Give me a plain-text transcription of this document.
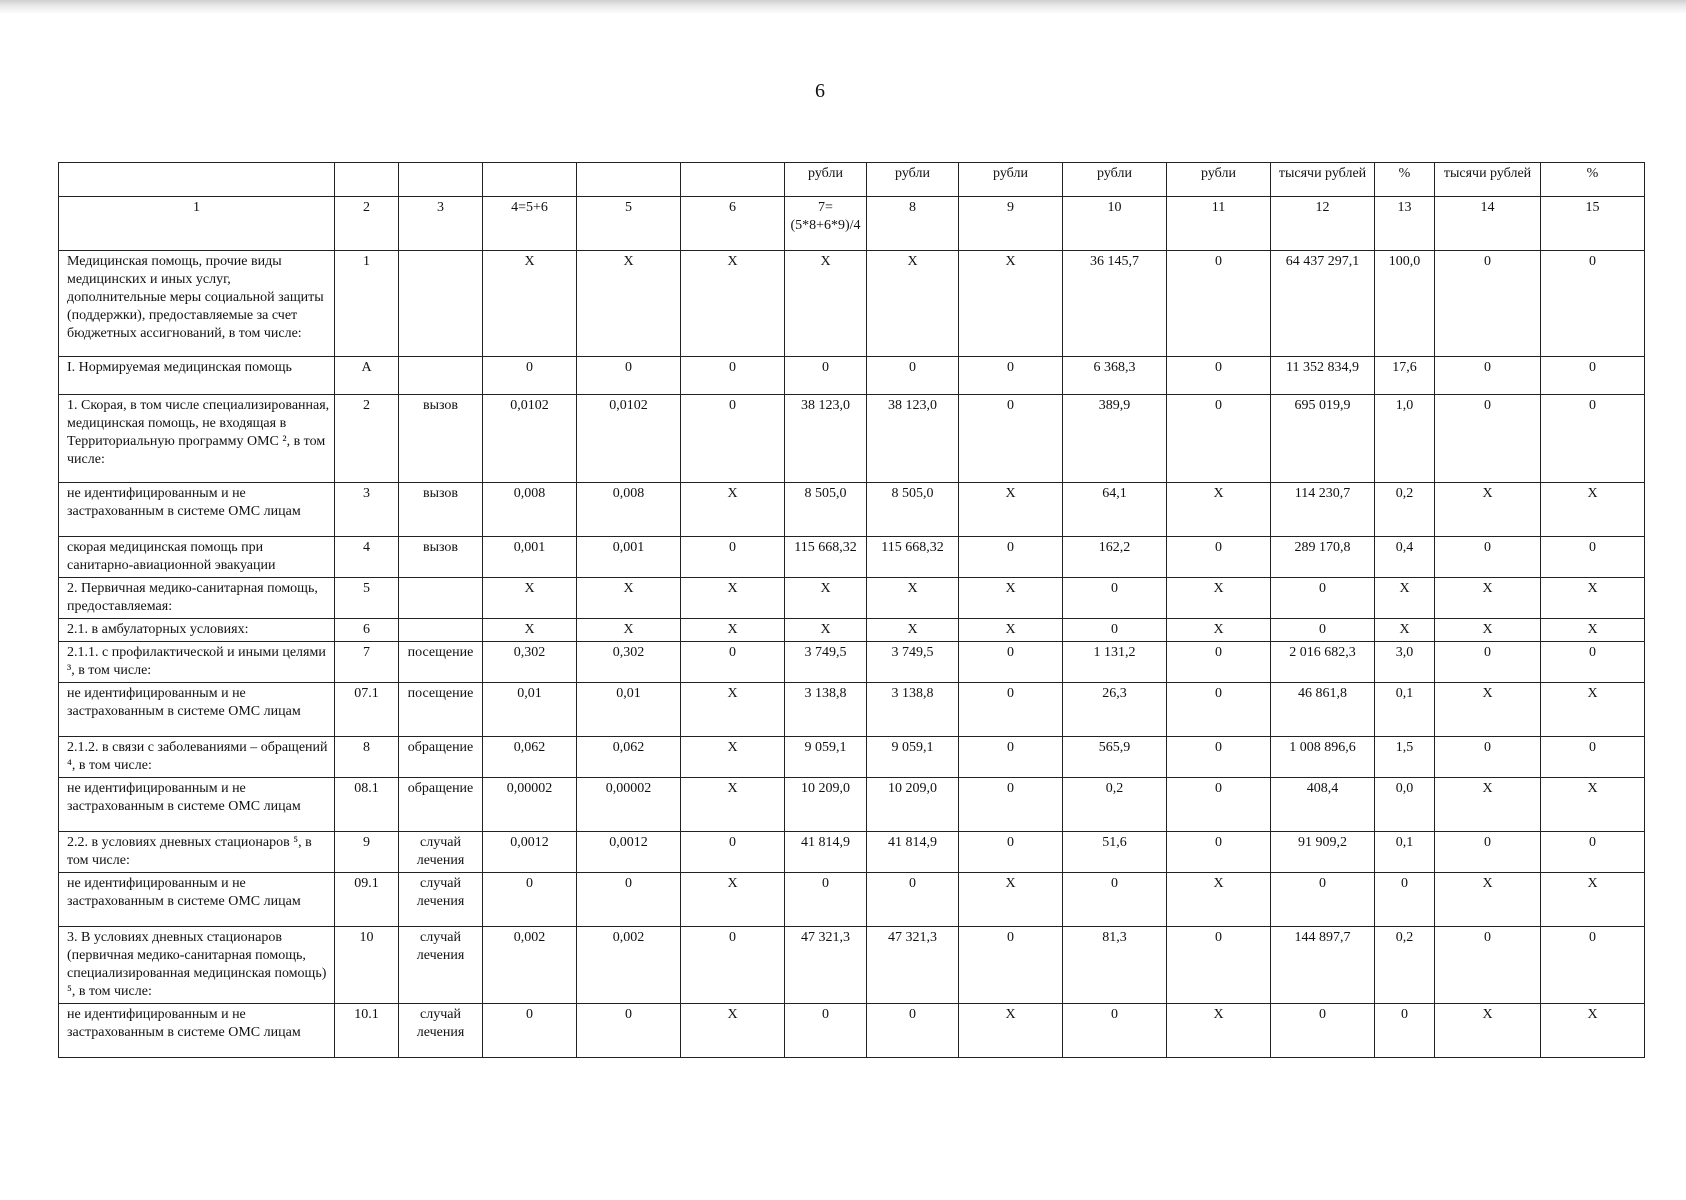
6
						рубли	рубли	рубли	рубли	рубли	тысячи рублей	%	тысячи рублей	%
1	2	3	4=5+6	5	6	7=(5*8+6*9)/4	8	9	10	11	12	13	14	15
Медицинская помощь, прочие виды медицинских и иных услуг, дополнительные меры социальной защиты (поддержки), предоставляемые за счет бюджетных ассигнований, в том числе:	1		X	X	X	X	X	X	36 145,7	0	64 437 297,1	100,0	0	0
I. Нормируемая медицинская помощь	А		0	0	0	0	0	0	6 368,3	0	11 352 834,9	17,6	0	0
1. Скорая, в том числе специализированная, медицинская помощь, не входящая в Территориальную программу ОМС ², в том числе:	2	вызов	0,0102	0,0102	0	38 123,0	38 123,0	0	389,9	0	695 019,9	1,0	0	0
не идентифицированным и не застрахованным в системе ОМС лицам	3	вызов	0,008	0,008	X	8 505,0	8 505,0	X	64,1	X	114 230,7	0,2	X	X
скорая медицинская помощь при санитарно-авиационной эвакуации	4	вызов	0,001	0,001	0	115 668,32	115 668,32	0	162,2	0	289 170,8	0,4	0	0
2. Первичная медико-санитарная помощь, предоставляемая:	5		X	X	X	X	X	X	0	X	0	X	X	X
2.1. в амбулаторных условиях:	6		X	X	X	X	X	X	0	X	0	X	X	X
2.1.1. с профилактической и иными целями ³, в том числе:	7	посещение	0,302	0,302	0	3 749,5	3 749,5	0	1 131,2	0	2 016 682,3	3,0	0	0
не идентифицированным и не застрахованным в системе ОМС лицам	07.1	посещение	0,01	0,01	X	3 138,8	3 138,8	0	26,3	0	46 861,8	0,1	X	X
2.1.2. в связи с заболеваниями – обращений ⁴, в том числе:	8	обращение	0,062	0,062	X	9 059,1	9 059,1	0	565,9	0	1 008 896,6	1,5	0	0
не идентифицированным и не застрахованным в системе ОМС лицам	08.1	обращение	0,00002	0,00002	X	10 209,0	10 209,0	0	0,2	0	408,4	0,0	X	X
2.2. в условиях дневных стационаров ⁵, в том числе:	9	случай лечения	0,0012	0,0012	0	41 814,9	41 814,9	0	51,6	0	91 909,2	0,1	0	0
не идентифицированным и не застрахованным в системе ОМС лицам	09.1	случай лечения	0	0	X	0	0	X	0	X	0	0	X	X
3. В условиях дневных стационаров (первичная медико-санитарная помощь, специализированная медицинская помощь) ⁵, в том числе:	10	случай лечения	0,002	0,002	0	47 321,3	47 321,3	0	81,3	0	144 897,7	0,2	0	0
не идентифицированным и не застрахованным в системе ОМС лицам	10.1	случай лечения	0	0	X	0	0	X	0	X	0	0	X	X
